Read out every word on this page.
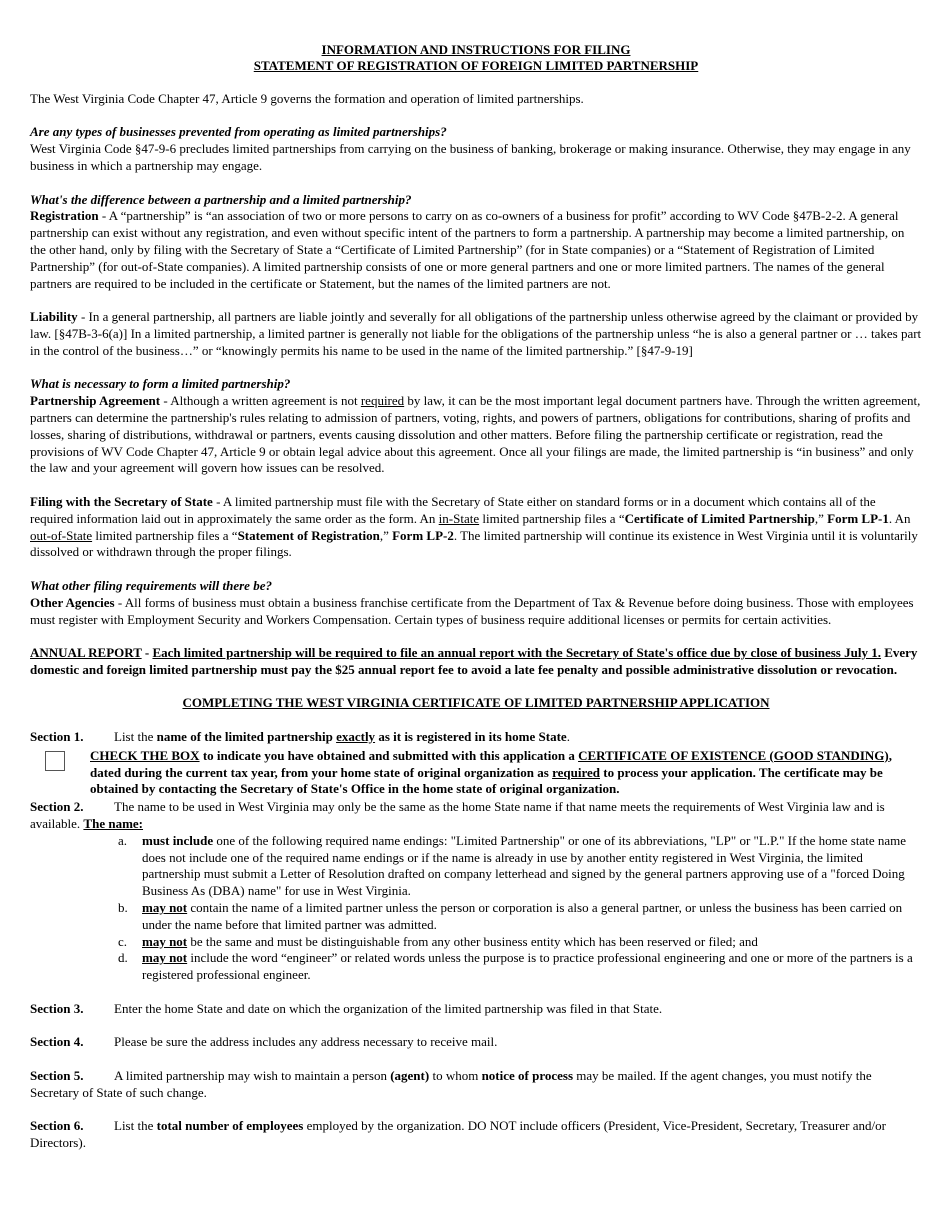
INFORMATION AND INSTRUCTIONS FOR FILING
STATEMENT OF REGISTRATION OF FOREIGN LIMITED PARTNERSHIP

The West Virginia Code Chapter 47, Article 9 governs the formation and operation of limited partnerships.

Are any types of businesses prevented from operating as limited partnerships?

West Virginia Code §47-9-6 precludes limited partnerships from carrying on the business of banking, brokerage or making insurance. Otherwise, they may engage in any business in which a partnership may engage.

What's the difference between a partnership and a limited partnership?

Registration - A “partnership” is “an association of two or more persons to carry on as co-owners of a business for profit” according to WV Code §47B-2-2. A general partnership can exist without any registration, and even without specific intent of the partners to form a partnership. A partnership may become a limited partnership, on the other hand, only by filing with the Secretary of State a “Certificate of Limited Partnership” (for in State companies) or a “Statement of Registration of Limited Partnership” (for out-of-State companies). A limited partnership consists of one or more general partners and one or more limited partners. The names of the general partners are required to be included in the certificate or Statement, but the names of the limited partners are not.

Liability - In a general partnership, all partners are liable jointly and severally for all obligations of the partnership unless otherwise agreed by the claimant or provided by law. [§47B-3-6(a)] In a limited partnership, a limited partner is generally not liable for the obligations of the partnership unless “he is also a general partner or … takes part in the control of the business…” or “knowingly permits his name to be used in the name of the limited partnership.” [§47-9-19]

What is necessary to form a limited partnership?

Partnership Agreement - Although a written agreement is not required by law, it can be the most important legal document partners have. Through the written agreement, partners can determine the partnership's rules relating to admission of partners, voting, rights, and powers of partners, obligations for contributions, sharing of profits and losses, sharing of distributions, withdrawal or partners, events causing dissolution and other matters. Before filing the partnership certificate or registration, read the provisions of WV Code Chapter 47, Article 9 or obtain legal advice about this agreement. Once all your filings are made, the limited partnership is “in business” and only the law and your agreement will govern how issues can be resolved.

Filing with the Secretary of State - A limited partnership must file with the Secretary of State either on standard forms or in a document which contains all of the required information laid out in approximately the same order as the form. An in-State limited partnership files a “Certificate of Limited Partnership,” Form LP-1. An out-of-State limited partnership files a “Statement of Registration,” Form LP-2. The limited partnership will continue its existence in West Virginia until it is voluntarily dissolved or withdrawn through the proper filings.

What other filing requirements will there be?

Other Agencies - All forms of business must obtain a business franchise certificate from the Department of Tax & Revenue before doing business. Those with employees must register with Employment Security and Workers Compensation. Certain types of business require additional licenses or permits for certain activities.

ANNUAL REPORT - Each limited partnership will be required to file an annual report with the Secretary of State's office due by close of business July 1. Every domestic and foreign limited partnership must pay the $25 annual report fee to avoid a late fee penalty and possible administrative dissolution or revocation.

COMPLETING THE WEST VIRGINIA CERTIFICATE OF LIMITED PARTNERSHIP APPLICATION

Section 1.	List the name of the limited partnership exactly as it is registered in its home State.
CHECK THE BOX to indicate you have obtained and submitted with this application a CERTIFICATE OF EXISTENCE (GOOD STANDING), dated during the current tax year, from your home state of original organization as required to process your application. The certificate may be obtained by contacting the Secretary of State's Office in the home state of original organization.

Section 2. The name to be used in West Virginia may only be the same as the home State name if that name meets the requirements of West Virginia law and is available. The name:

a. must include one of the following required name endings: "Limited Partnership" or one of its abbreviations, "LP" or "L.P." If the home state name does not include one of the required name endings or if the name is already in use by another entity registered in West Virginia, the limited partnership must submit a Letter of Resolution drafted on company letterhead and signed by the general partners approving use of a "forced Doing Business As (DBA) name" for use in West Virginia.
b. may not contain the name of a limited partner unless the person or corporation is also a general partner, or unless the business has been carried on under the name before that limited partner was admitted.
c. may not be the same and must be distinguishable from any other business entity which has been reserved or filed; and
d. may not include the word “engineer” or related words unless the purpose is to practice professional engineering and one or more of the partners is a registered professional engineer.
Section 3.	Enter the home State and date on which the organization of the limited partnership was filed in that State.
Section 4.	Please be sure the address includes any address necessary to receive mail.

Section 5. A limited partnership may wish to maintain a person (agent) to whom notice of process may be mailed. If the agent changes, you must notify the Secretary of State of such change.

Section 6. List the total number of employees employed by the organization. DO NOT include officers (President, Vice-President, Secretary, Treasurer and/or Directors).
